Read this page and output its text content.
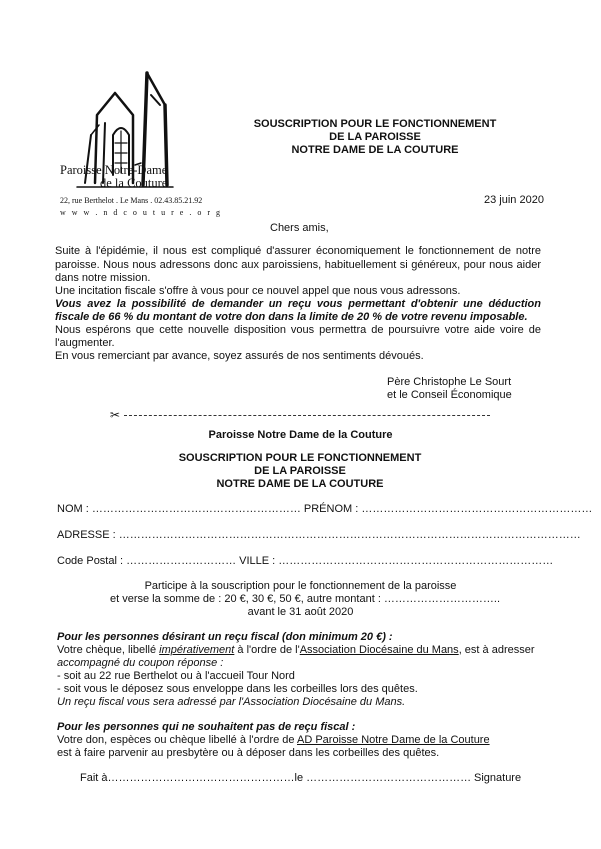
Paroisse Notre-Dame
de la Couture
22, rue Berthelot . Le Mans . 02.43.85.21.92
w w w . n d c o u t u r e . o r g
SOUSCRIPTION POUR LE FONCTIONNEMENT
DE LA PAROISSE
NOTRE DAME DE LA COUTURE
23 juin 2020
Chers amis,
Suite à l'épidémie, il nous est compliqué d'assurer économiquement le fonctionnement de notre
paroisse. Nous nous adressons donc aux paroissiens, habituellement si généreux, pour nous aider
dans notre mission.
Une incitation fiscale s'offre à vous pour ce nouvel appel que nous vous adressons.
Vous avez la possibilité de demander un reçu vous permettant d'obtenir une déduction
fiscale de 66 % du montant de votre don dans la limite de 20 % de votre revenu imposable.
Nous espérons que cette nouvelle disposition vous permettra de poursuivre votre aide voire de
l'augmenter.
En vous remerciant par avance, soyez assurés de nos sentiments dévoués.
Père Christophe Le Sourt
et le Conseil Économique
✂
Paroisse Notre Dame de la Couture
SOUSCRIPTION POUR LE FONCTIONNEMENT
DE LA PAROISSE
NOTRE DAME DE LA COUTURE
NOM : ………………………………………………… PRÉNOM : ………………………………………………………
ADRESSE : ………………………………………………………………………………………………………………
Code Postal : ………………………… VILLE : …………………………………………………………………
Participe à la souscription pour le fonctionnement de la paroisse
et verse la somme de : 20 €, 30 €, 50 €, autre montant : …………………………..
avant le 31 août 2020
Pour les personnes désirant un reçu fiscal (don minimum 20 €) :
Votre chèque, libellé impérativement à l'ordre de l'Association Diocésaine du Mans, est à adresser
accompagné du coupon réponse :
- soit au 22 rue Berthelot ou à l'accueil Tour Nord
- soit vous le déposez sous enveloppe dans les corbeilles lors des quêtes.
Un reçu fiscal vous sera adressé par l'Association Diocésaine du Mans.
Pour les personnes qui ne souhaitent pas de reçu fiscal :
Votre don, espèces ou chèque libellé à l'ordre de AD Paroisse Notre Dame de la Couture
est à faire parvenir au presbytère ou à déposer dans les corbeilles des quêtes.
Fait à……………………………………………le ……………………………………… Signature
